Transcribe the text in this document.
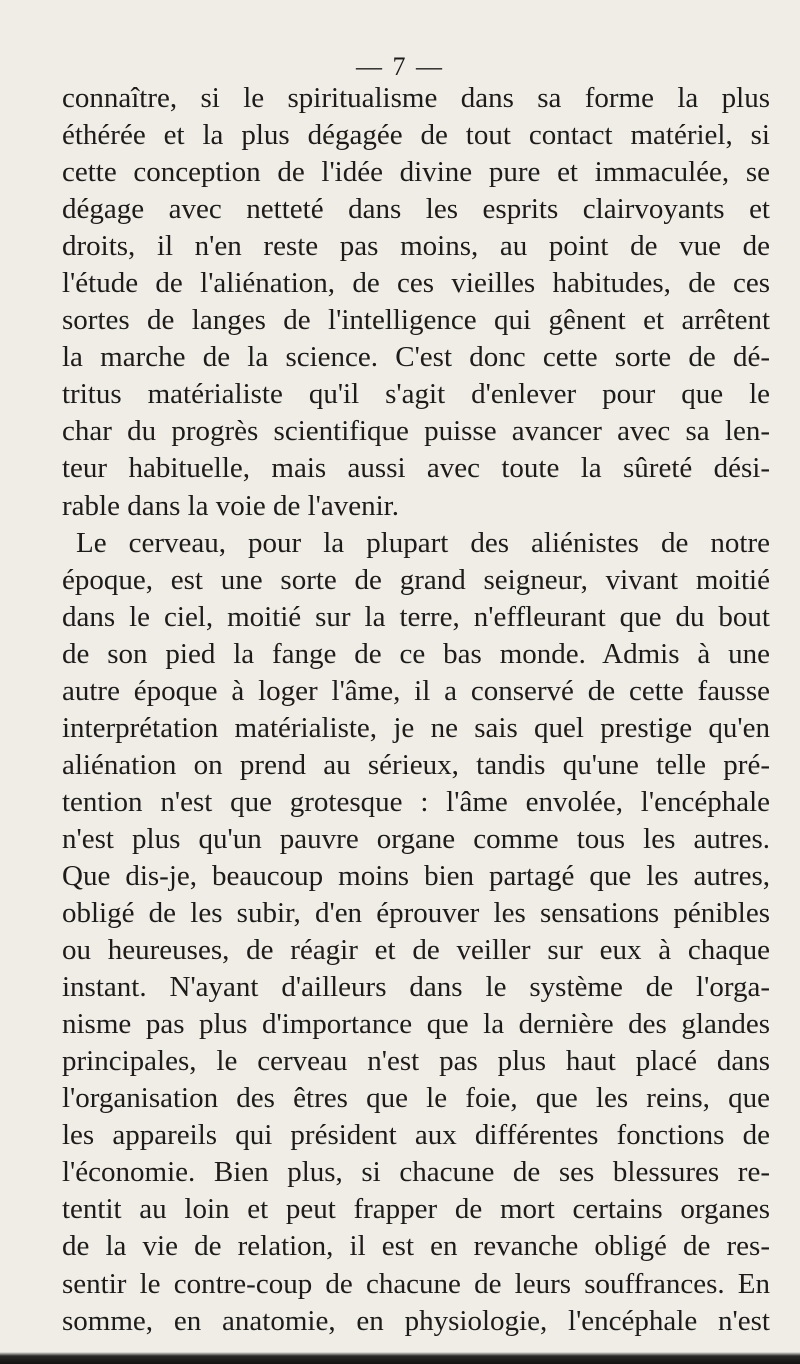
— 7 —
connaître, si le spiritualisme dans sa forme la plus
éthérée et la plus dégagée de tout contact matériel, si
cette conception de l'idée divine pure et immaculée, se
dégage avec netteté dans les esprits clairvoyants et
droits, il n'en reste pas moins, au point de vue de
l'étude de l'aliénation, de ces vieilles habitudes, de ces
sortes de langes de l'intelligence qui gênent et arrêtent
la marche de la science. C'est donc cette sorte de dé-
tritus matérialiste qu'il s'agit d'enlever pour que le
char du progrès scientifique puisse avancer avec sa len-
teur habituelle, mais aussi avec toute la sûreté dési-
rable dans la voie de l'avenir.
Le cerveau, pour la plupart des aliénistes de notre
époque, est une sorte de grand seigneur, vivant moitié
dans le ciel, moitié sur la terre, n'effleurant que du bout
de son pied la fange de ce bas monde. Admis à une
autre époque à loger l'âme, il a conservé de cette fausse
interprétation matérialiste, je ne sais quel prestige qu'en
aliénation on prend au sérieux, tandis qu'une telle pré-
tention n'est que grotesque : l'âme envolée, l'encéphale
n'est plus qu'un pauvre organe comme tous les autres.
Que dis-je, beaucoup moins bien partagé que les autres,
obligé de les subir, d'en éprouver les sensations pénibles
ou heureuses, de réagir et de veiller sur eux à chaque
instant. N'ayant d'ailleurs dans le système de l'orga-
nisme pas plus d'importance que la dernière des glandes
principales, le cerveau n'est pas plus haut placé dans
l'organisation des êtres que le foie, que les reins, que
les appareils qui président aux différentes fonctions de
l'économie. Bien plus, si chacune de ses blessures re-
tentit au loin et peut frapper de mort certains organes
de la vie de relation, il est en revanche obligé de res-
sentir le contre-coup de chacune de leurs souffrances. En
somme, en anatomie, en physiologie, l'encéphale n'est
